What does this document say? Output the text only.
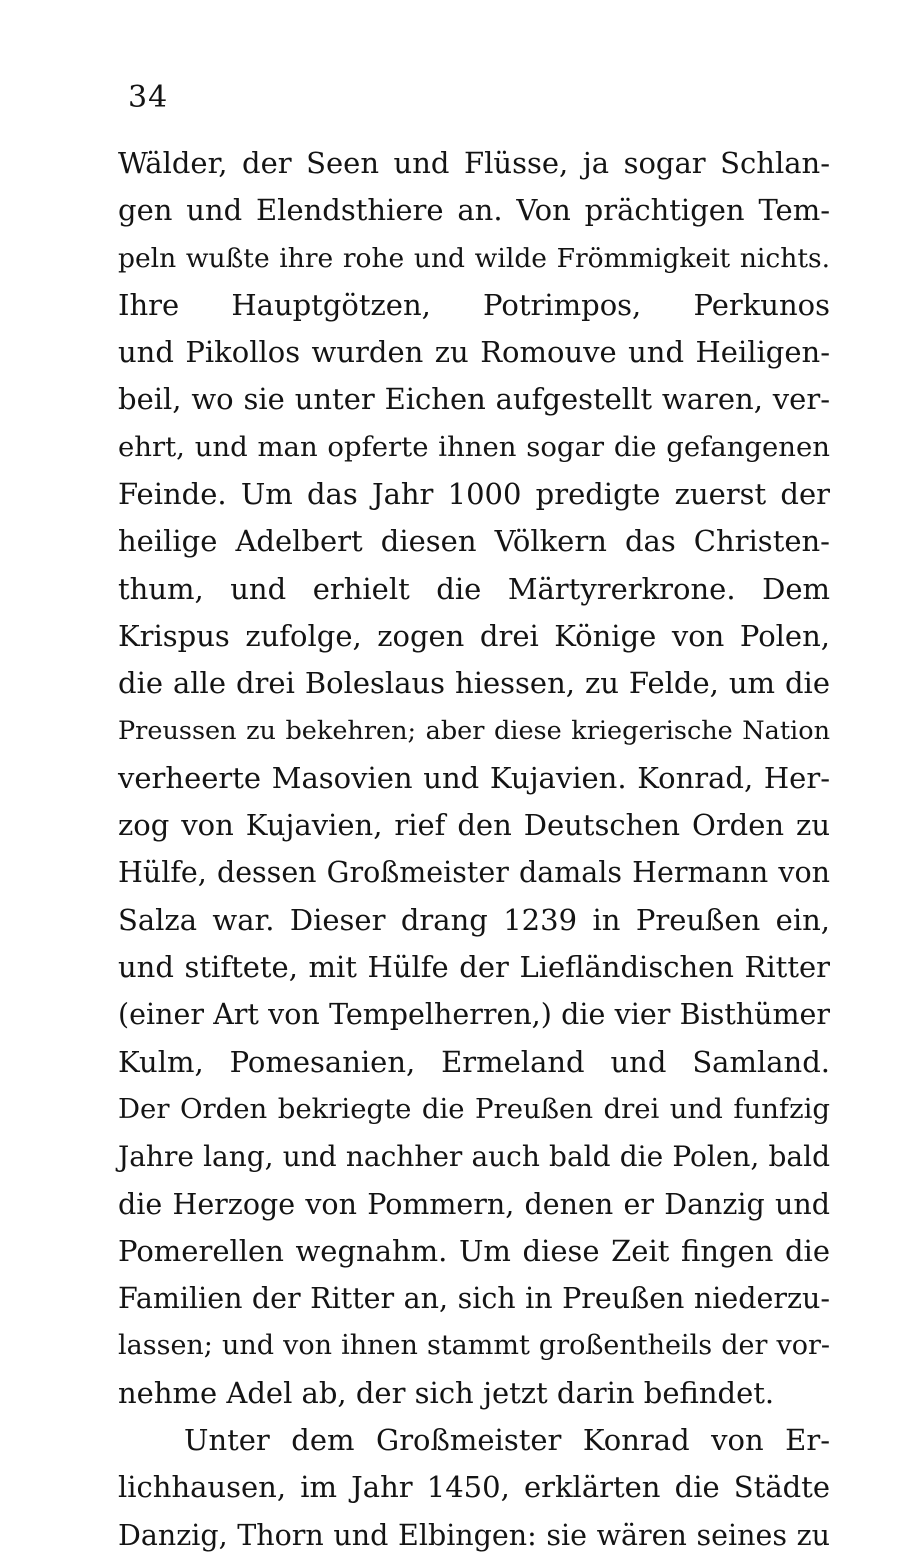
34
Wälder, der Seen und Flüsse, ja sogar Schlan-
gen und Elendsthiere an. Von prächtigen Tem-
peln wußte ihre rohe und wilde Frömmigkeit nichts.
Ihre Hauptgötzen, Potrimpos, Perkunos
und Pikollos wurden zu Romouve und Heiligen-
beil, wo sie unter Eichen aufgestellt waren, ver-
ehrt, und man opferte ihnen sogar die gefangenen
Feinde. Um das Jahr 1000 predigte zuerst der
heilige Adelbert diesen Völkern das Christen-
thum, und erhielt die Märtyrerkrone. Dem
Krispus zufolge, zogen drei Könige von Polen,
die alle drei Boleslaus hiessen, zu Felde, um die
Preussen zu bekehren; aber diese kriegerische Nation
verheerte Masovien und Kujavien. Konrad, Her-
zog von Kujavien, rief den Deutschen Orden zu
Hülfe, dessen Großmeister damals Hermann von
Salza war. Dieser drang 1239 in Preußen ein,
und stiftete, mit Hülfe der Liefländischen Ritter
(einer Art von Tempelherren,) die vier Bisthümer
Kulm, Pomesanien, Ermeland und Samland.
Der Orden bekriegte die Preußen drei und funfzig
Jahre lang, und nachher auch bald die Polen, bald
die Herzoge von Pommern, denen er Danzig und
Pomerellen wegnahm. Um diese Zeit fingen die
Familien der Ritter an, sich in Preußen niederzu-
lassen; und von ihnen stammt großentheils der vor-
nehme Adel ab, der sich jetzt darin befindet.
Unter dem Großmeister Konrad von Er-
lichhausen, im Jahr 1450, erklärten die Städte
Danzig, Thorn und Elbingen: sie wären seines zu
